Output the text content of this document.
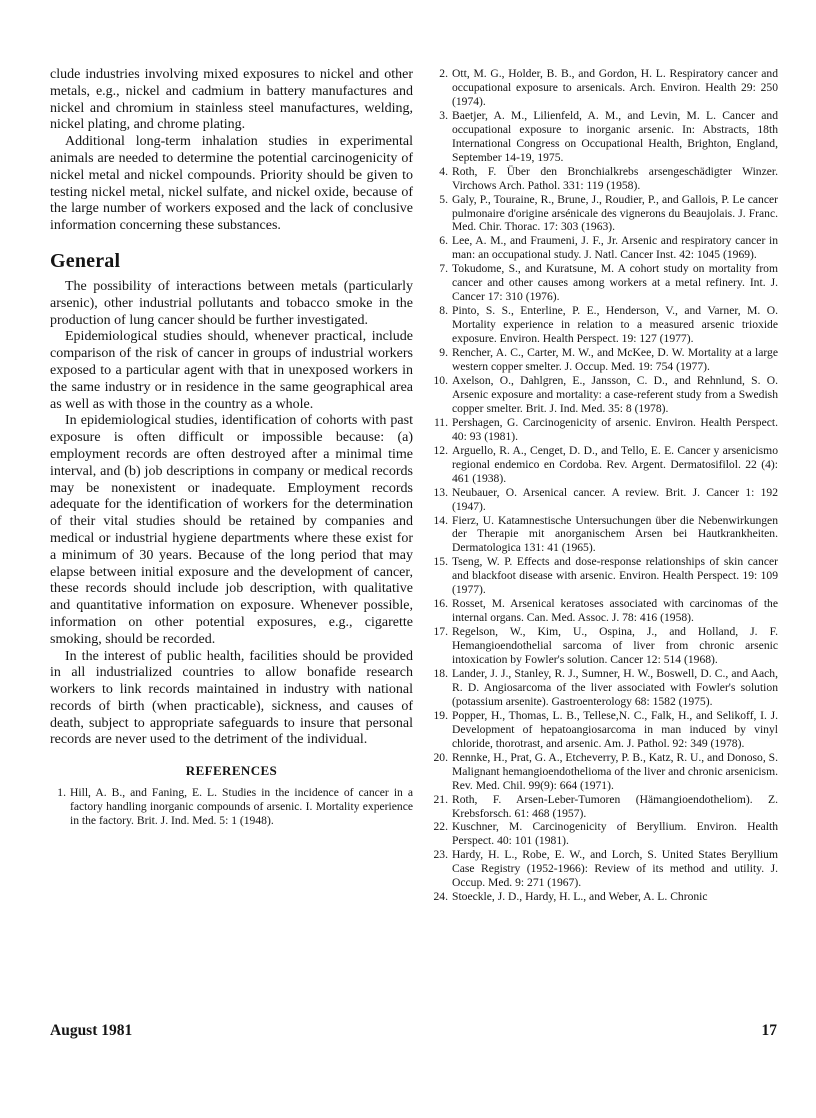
clude industries involving mixed exposures to nickel and other metals, e.g., nickel and cadmium in battery manufactures and nickel and chromium in stainless steel manufactures, welding, nickel plating, and chrome plating.

Additional long-term inhalation studies in experimental animals are needed to determine the potential carcinogenicity of nickel metal and nickel compounds. Priority should be given to testing nickel metal, nickel sulfate, and nickel oxide, because of the large number of workers exposed and the lack of conclusive information concerning these substances.

General

The possibility of interactions between metals (particularly arsenic), other industrial pollutants and tobacco smoke in the production of lung cancer should be further investigated.

Epidemiological studies should, whenever practical, include comparison of the risk of cancer in groups of industrial workers exposed to a particular agent with that in unexposed workers in the same industry or in residence in the same geographical area as well as with those in the country as a whole.

In epidemiological studies, identification of cohorts with past exposure is often difficult or impossible because: (a) employment records are often destroyed after a minimal time interval, and (b) job descriptions in company or medical records may be nonexistent or inadequate. Employment records adequate for the identification of workers for the determination of their vital studies should be retained by companies and medical or industrial hygiene departments where these exist for a minimum of 30 years. Because of the long period that may elapse between initial exposure and the development of cancer, these records should include job description, with qualitative and quantitative information on exposure. Whenever possible, information on other potential exposures, e.g., cigarette smoking, should be recorded.

In the interest of public health, facilities should be provided in all industrialized countries to allow bonafide research workers to link records maintained in industry with national records of birth (when practicable), sickness, and causes of death, subject to appropriate safeguards to insure that personal records are never used to the detriment of the individual.

REFERENCES
1. Hill, A. B., and Faning, E. L. Studies in the incidence of cancer in a factory handling inorganic compounds of arsenic. I. Mortality experience in the factory. Brit. J. Ind. Med. 5: 1 (1948).
2. Ott, M. G., Holder, B. B., and Gordon, H. L. Respiratory cancer and occupational exposure to arsenicals. Arch. Environ. Health 29: 250 (1974).
3. Baetjer, A. M., Lilienfeld, A. M., and Levin, M. L. Cancer and occupational exposure to inorganic arsenic. In: Abstracts, 18th International Congress on Occupational Health, Brighton, England, September 14-19, 1975.
4. Roth, F. Über den Bronchialkrebs arsengeschädigter Winzer. Virchows Arch. Pathol. 331: 119 (1958).
5. Galy, P., Touraine, R., Brune, J., Roudier, P., and Gallois, P. Le cancer pulmonaire d'origine arsénicale des vignerons du Beaujolais. J. Franc. Med. Chir. Thorac. 17: 303 (1963).
6. Lee, A. M., and Fraumeni, J. F., Jr. Arsenic and respiratory cancer in man: an occupational study. J. Natl. Cancer Inst. 42: 1045 (1969).
7. Tokudome, S., and Kuratsune, M. A cohort study on mortality from cancer and other causes among workers at a metal refinery. Int. J. Cancer 17: 310 (1976).
8. Pinto, S. S., Enterline, P. E., Henderson, V., and Varner, M. O. Mortality experience in relation to a measured arsenic trioxide exposure. Environ. Health Perspect. 19: 127 (1977).
9. Rencher, A. C., Carter, M. W., and McKee, D. W. Mortality at a large western copper smelter. J. Occup. Med. 19: 754 (1977).
10. Axelson, O., Dahlgren, E., Jansson, C. D., and Rehnlund, S. O. Arsenic exposure and mortality: a case-referent study from a Swedish copper smelter. Brit. J. Ind. Med. 35: 8 (1978).
11. Pershagen, G. Carcinogenicity of arsenic. Environ. Health Perspect. 40: 93 (1981).
12. Arguello, R. A., Cenget, D. D., and Tello, E. E. Cancer y arsenicismo regional endemico en Cordoba. Rev. Argent. Dermatosifilol. 22 (4): 461 (1938).
13. Neubauer, O. Arsenical cancer. A review. Brit. J. Cancer 1: 192 (1947).
14. Fierz, U. Katamnestische Untersuchungen über die Nebenwirkungen der Therapie mit anorganischem Arsen bei Hautkrankheiten. Dermatologica 131: 41 (1965).
15. Tseng, W. P. Effects and dose-response relationships of skin cancer and blackfoot disease with arsenic. Environ. Health Perspect. 19: 109 (1977).
16. Rosset, M. Arsenical keratoses associated with carcinomas of the internal organs. Can. Med. Assoc. J. 78: 416 (1958).
17. Regelson, W., Kim, U., Ospina, J., and Holland, J. F. Hemangioendothelial sarcoma of liver from chronic arsenic intoxication by Fowler's solution. Cancer 12: 514 (1968).
18. Lander, J. J., Stanley, R. J., Sumner, H. W., Boswell, D. C., and Aach, R. D. Angiosarcoma of the liver associated with Fowler's solution (potassium arsenite). Gastroenterology 68: 1582 (1975).
19. Popper, H., Thomas, L. B., Tellese,N. C., Falk, H., and Selikoff, I. J. Development of hepatoangiosarcoma in man induced by vinyl chloride, thorotrast, and arsenic. Am. J. Pathol. 92: 349 (1978).
20. Rennke, H., Prat, G. A., Etcheverry, P. B., Katz, R. U., and Donoso, S. Malignant hemangioendothelioma of the liver and chronic arsenicism. Rev. Med. Chil. 99(9): 664 (1971).
21. Roth, F. Arsen-Leber-Tumoren (Hämangioendotheliom). Z. Krebsforsch. 61: 468 (1957).
22. Kuschner, M. Carcinogenicity of Beryllium. Environ. Health Perspect. 40: 101 (1981).
23. Hardy, H. L., Robe, E. W., and Lorch, S. United States Beryllium Case Registry (1952-1966): Review of its method and utility. J. Occup. Med. 9: 271 (1967).
24. Stoeckle, J. D., Hardy, H. L., and Weber, A. L. Chronic
August 1981	17
